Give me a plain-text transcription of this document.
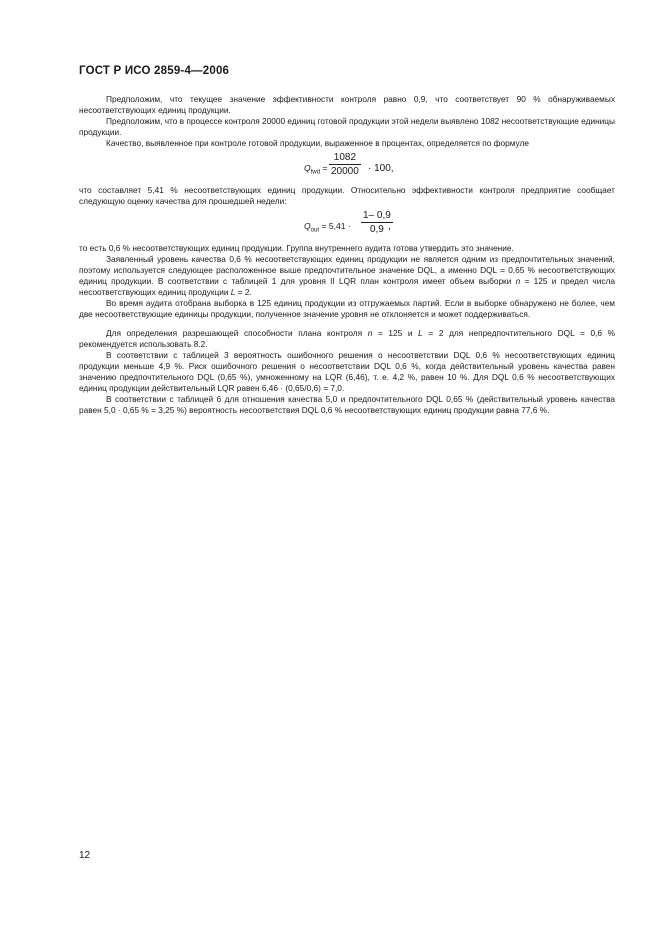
ГОСТ Р ИСО 2859-4—2006

Предположим, что текущее значение эффективности контроля равно 0,9, что соответствует 90 % обнаруживаемых несоответствующих единиц продукции.

Предположим, что в процессе контроля 20000 единиц готовой продукции этой недели выявлено 1082 несоответствующие единицы продукции.

Качество, выявленное при контроле готовой продукции, выраженное в процентах, определяется по формуле

$Q_{fwd} = \frac{1082}{20000} \cdot 100$,

что составляет 5,41 % несоответствующих единиц продукции. Относительно эффективности контроля предприятие сообщает следующую оценку качества для прошедшей недели:

$Q_{out} = 5,41 \cdot \frac{1- 0,9}{0,9}$
,

то есть 0,6 % несоответствующих единиц продукции. Группа внутреннего аудита готова утвердить это значение.

Заявленный уровень качества 0,6 % несоответствующих единиц продукции не является одним из предпочтительных значений, поэтому используется следующее расположенное выше предпочтительное значение DQL, а именно DQL = 0,65 % несоответствующих единиц продукции. В соответствии с таблицей 1 для уровня II LQR план контроля имеет объем выборки n = 125 и предел числа несоответствующих единиц продукции L = 2.

Во время аудита отобрана выборка в 125 единиц продукции из отгружаемых партий. Если в выборке обнаружено не более, чем две несоответствующие единицы продукции, полученное значение уровня не отклоняется и может поддерживаться.

Для определения разрешающей способности плана контроля n = 125 и L = 2 для непредпочтительного DQL = 0,6 % рекомендуется использовать 8.2.

В соответствии с таблицей 3 вероятность ошибочного решения о несоответствии DQL 0,6 % несоответствующих единиц продукции меньше 4,9 %. Риск ошибочного решения о несоответствии DQL 0,6 %, когда действительный уровень качества равен значению предпочтительного DQL (0,65 %), умноженному на LQR (6,46), т. е. 4,2 %, равен 10 %. Для DQL 0,6 % несоответствующих единиц продукции действительный LQR равен 6,46 · (0,65/0,6) = 7,0.

В соответствии с таблицей 6 для отношения качества 5,0 и предпочтительного DQL 0,65 % (действительный уровень качества равен 5,0 · 0,65 % = 3,25 %) вероятность несоответствия DQL 0,6 % несоответствующих единиц продукции равна 77,6 %.

12
